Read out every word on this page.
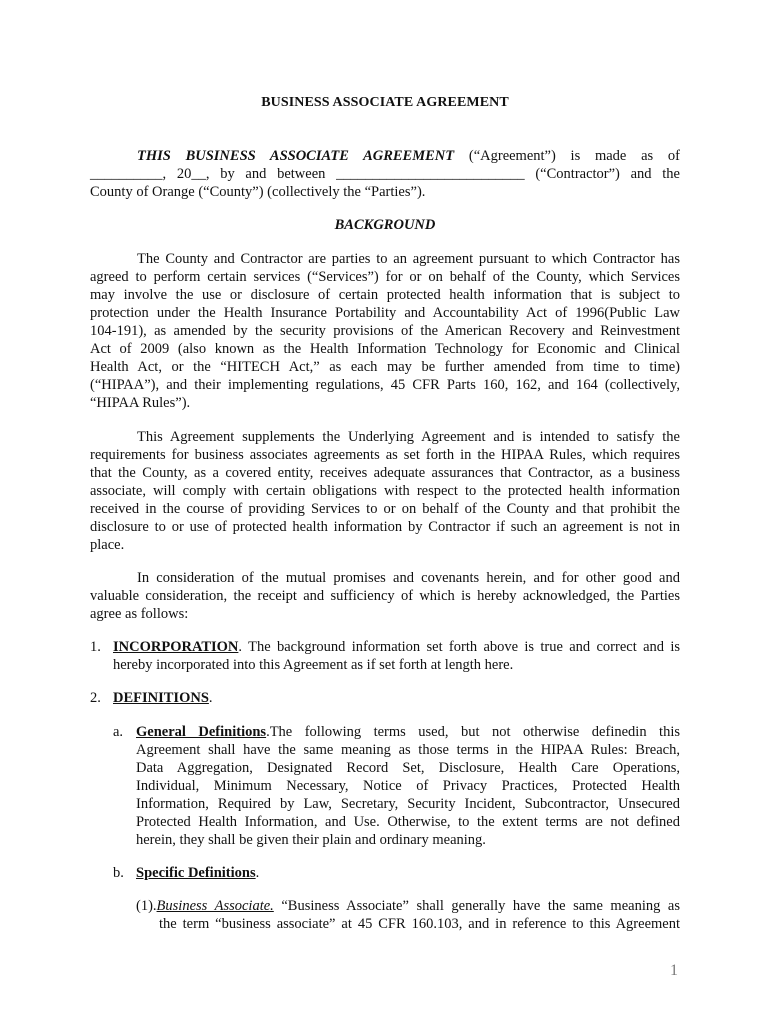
BUSINESS ASSOCIATE AGREEMENT

THIS BUSINESS ASSOCIATE AGREEMENT (“Agreement”) is made as of

__________, 20__, by and between __________________________ (“Contractor”) and the

County of Orange (“County”) (collectively the “Parties”).

BACKGROUND

The County and Contractor are parties to an agreement pursuant to which Contractor has

agreed to perform certain services (“Services”) for or on behalf of the County, which Services

may involve the use or disclosure of certain protected health information that is subject to

protection under the Health Insurance Portability and Accountability Act of 1996(Public Law

104-191), as amended by the security provisions of the American Recovery and Reinvestment

Act of 2009 (also known as the Health Information Technology for Economic and Clinical

Health Act, or the “HITECH Act,” as each may be further amended from time to time)

(“HIPAA”), and their implementing regulations, 45 CFR Parts 160, 162, and 164 (collectively,

“HIPAA Rules”).

This Agreement supplements the Underlying Agreement and is intended to satisfy the

requirements for business associates agreements as set forth in the HIPAA Rules, which requires

that the County, as a covered entity, receives adequate assurances that Contractor, as a business

associate, will comply with certain obligations with respect to the protected health information

received in the course of providing Services to or on behalf of the County and that prohibit the

disclosure to or use of protected health information by Contractor if such an agreement is not in

place.

In consideration of the mutual promises and covenants herein, and for other good and

valuable consideration, the receipt and sufficiency of which is hereby acknowledged, the Parties

agree as follows:

1. INCORPORATION. The background information set forth above is true and correct and is

hereby incorporated into this Agreement as if set forth at length here.

2. DEFINITIONS.

a. General Definitions.The following terms used, but not otherwise definedin this

Agreement shall have the same meaning as those terms in the HIPAA Rules: Breach,

Data Aggregation, Designated Record Set, Disclosure, Health Care Operations,

Individual, Minimum Necessary, Notice of Privacy Practices, Protected Health

Information, Required by Law, Secretary, Security Incident, Subcontractor, Unsecured

Protected Health Information, and Use. Otherwise, to the extent terms are not defined

herein, they shall be given their plain and ordinary meaning.

b. Specific Definitions.

(1).Business Associate. “Business Associate” shall generally have the same meaning as

the term “business associate” at 45 CFR 160.103, and in reference to this Agreement

1
